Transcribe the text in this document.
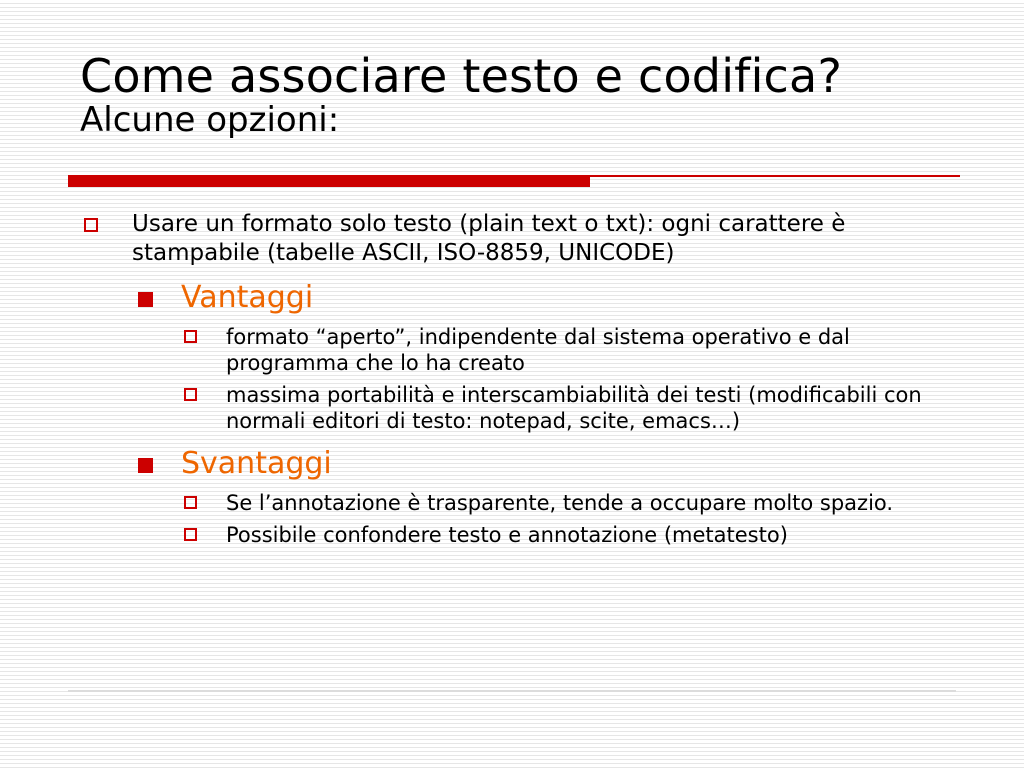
Come associare testo e codifica?
Alcune opzioni:
Usare un formato solo testo (plain text o txt): ogni carattere è stampabile (tabelle ASCII, ISO-8859, UNICODE)
Vantaggi
formato “aperto”, indipendente dal sistema operativo e dal programma che lo ha creato
massima portabilità e interscambiabilità dei testi (modificabili con normali editori di testo: notepad, scite, emacs…)
Svantaggi
Se l’annotazione è trasparente, tende a occupare molto spazio.
Possibile confondere testo e annotazione (metatesto)
